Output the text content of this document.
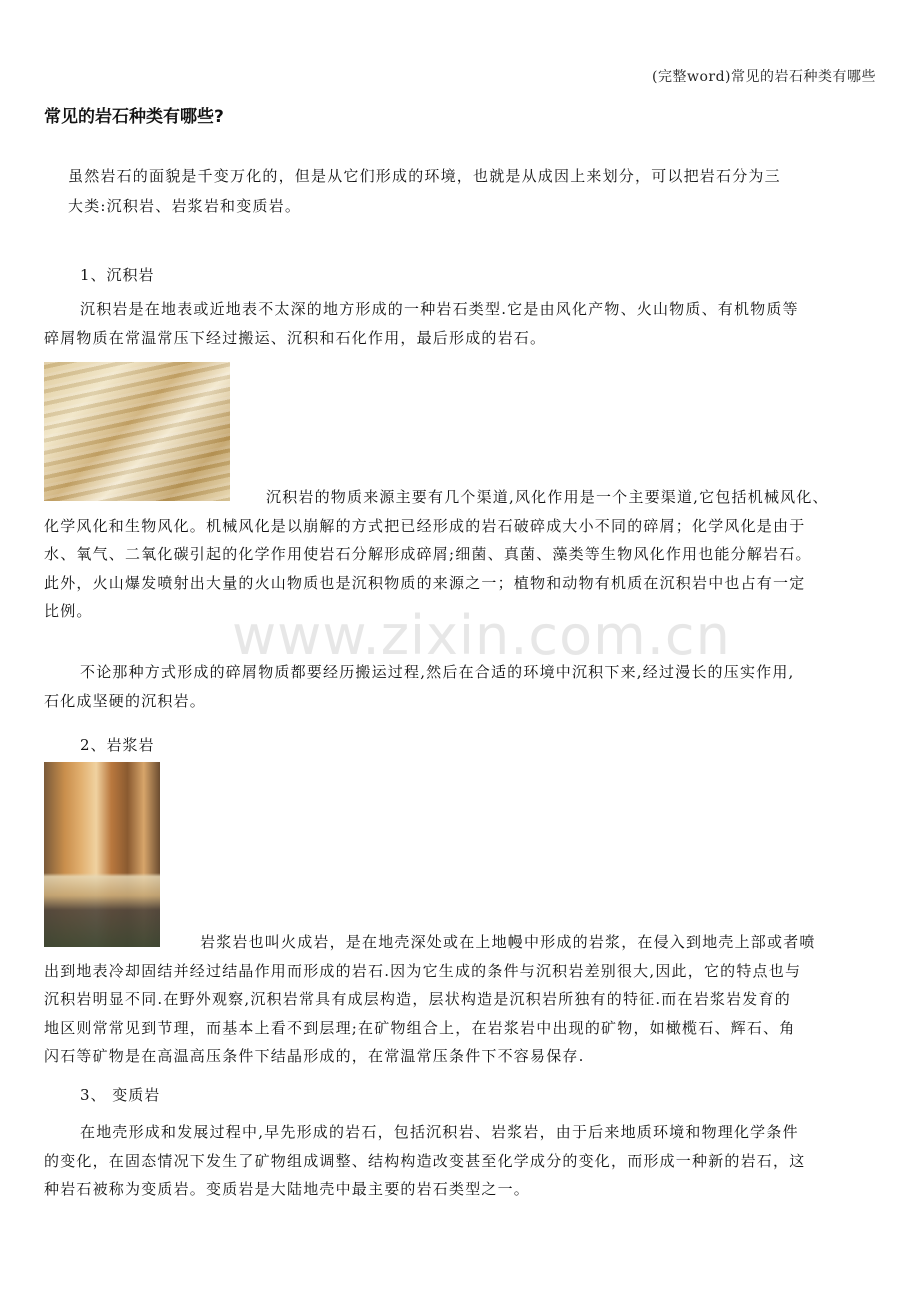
(完整word)常见的岩石种类有哪些
常见的岩石种类有哪些?
虽然岩石的面貌是千变万化的，但是从它们形成的环境，也就是从成因上来划分，可以把岩石分为三
大类:沉积岩、岩浆岩和变质岩。
1、沉积岩
沉积岩是在地表或近地表不太深的地方形成的一种岩石类型.它是由风化产物、火山物质、有机物质等
碎屑物质在常温常压下经过搬运、沉积和石化作用，最后形成的岩石。
沉积岩的物质来源主要有几个渠道,风化作用是一个主要渠道,它包括机械风化、
化学风化和生物风化。机械风化是以崩解的方式把已经形成的岩石破碎成大小不同的碎屑；化学风化是由于
水、氧气、二氧化碳引起的化学作用使岩石分解形成碎屑;细菌、真菌、藻类等生物风化作用也能分解岩石。
此外，火山爆发喷射出大量的火山物质也是沉积物质的来源之一；植物和动物有机质在沉积岩中也占有一定
比例。
不论那种方式形成的碎屑物质都要经历搬运过程,然后在合适的环境中沉积下来,经过漫长的压实作用,
石化成坚硬的沉积岩。
2、岩浆岩
岩浆岩也叫火成岩，是在地壳深处或在上地幔中形成的岩浆，在侵入到地壳上部或者喷
出到地表冷却固结并经过结晶作用而形成的岩石.因为它生成的条件与沉积岩差别很大,因此，它的特点也与
沉积岩明显不同.在野外观察,沉积岩常具有成层构造，层状构造是沉积岩所独有的特征.而在岩浆岩发育的
地区则常常见到节理，而基本上看不到层理;在矿物组合上，在岩浆岩中出现的矿物，如橄榄石、辉石、角
闪石等矿物是在高温高压条件下结晶形成的，在常温常压条件下不容易保存.
3、 变质岩
在地壳形成和发展过程中,早先形成的岩石，包括沉积岩、岩浆岩，由于后来地质环境和物理化学条件
的变化，在固态情况下发生了矿物组成调整、结构构造改变甚至化学成分的变化，而形成一种新的岩石，这
种岩石被称为变质岩。变质岩是大陆地壳中最主要的岩石类型之一。
www.zixin.com.cn
